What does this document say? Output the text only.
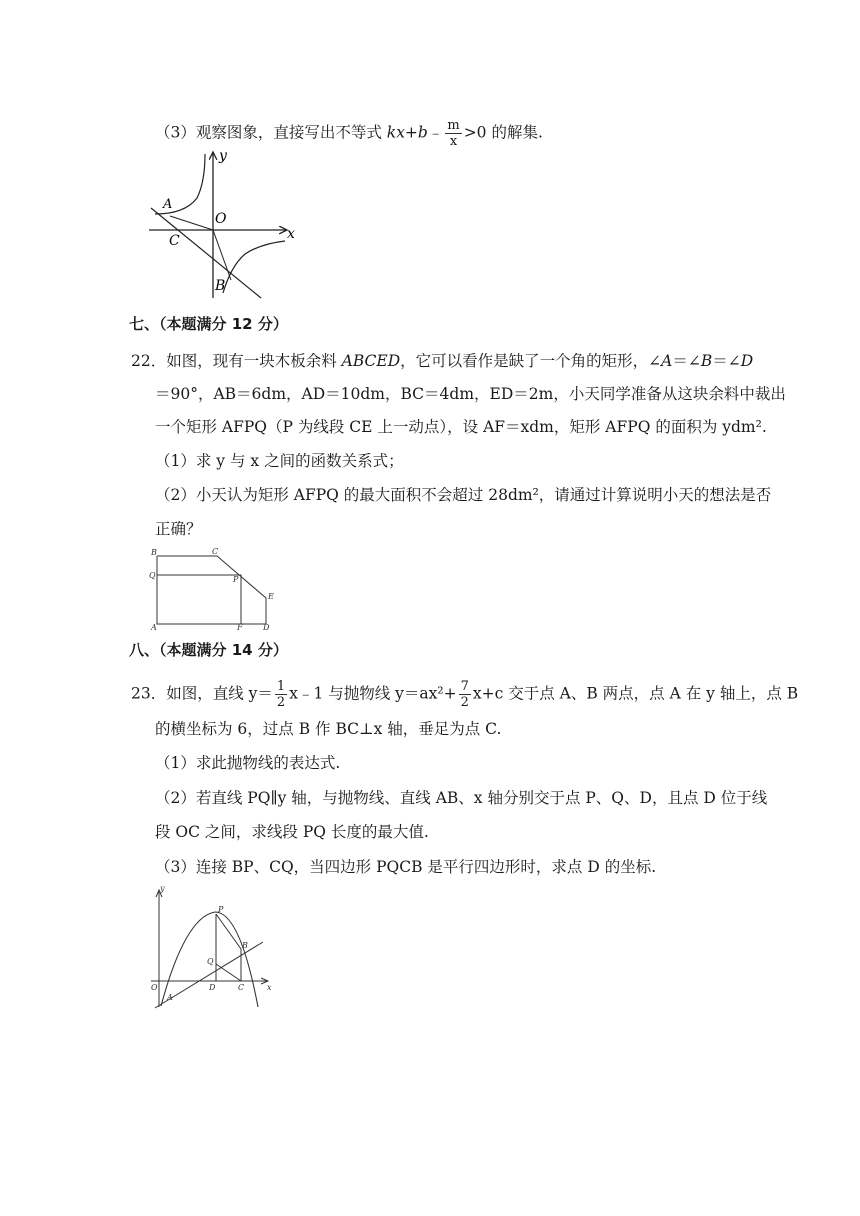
（3）观察图象，直接写出不等式 kx+b﹣ $\frac{m}{x} >0$ 的解集.
y
x
A
O
C
B
七、（本题满分 12 分）
22．如图，现有一块木板余料 ABCED，它可以看作是缺了一个角的矩形，∠A＝∠B＝∠D
＝90°，AB＝6dm，AD＝10dm，BC＝4dm，ED＝2m，小天同学准备从这块余料中裁出
一个矩形 AFPQ（P 为线段 CE 上一动点），设 AF＝xdm，矩形 AFPQ 的面积为 ydm².
（1）求 y 与 x 之间的函数关系式；
（2）小天认为矩形 AFPQ 的最大面积不会超过 28dm²，请通过计算说明小天的想法是否
正确？
B	C
Q	P
E
A	F	D
八、（本题满分 14 分）
23．如图，直线 $y= \frac{1}{2}$ x﹣1 与抛物线 $y=ax^2+ \frac{7}{2} x+c$ 交于点 A、B 两点，点 A 在 y 轴上，点 B
的横坐标为 6，过点 B 作 BC⊥x 轴，垂足为点 C.
（1）求此抛物线的表达式.
（2）若直线 PQ∥y 轴，与抛物线、直线 AB、x 轴分别交于点 P、Q、D，且点 D 位于线
段 OC 之间，求线段 PQ 长度的最大值.
（3）连接 BP、CQ，当四边形 PQCB 是平行四边形时，求点 D 的坐标.
y
P
B
Q
O	D	C	x
A
